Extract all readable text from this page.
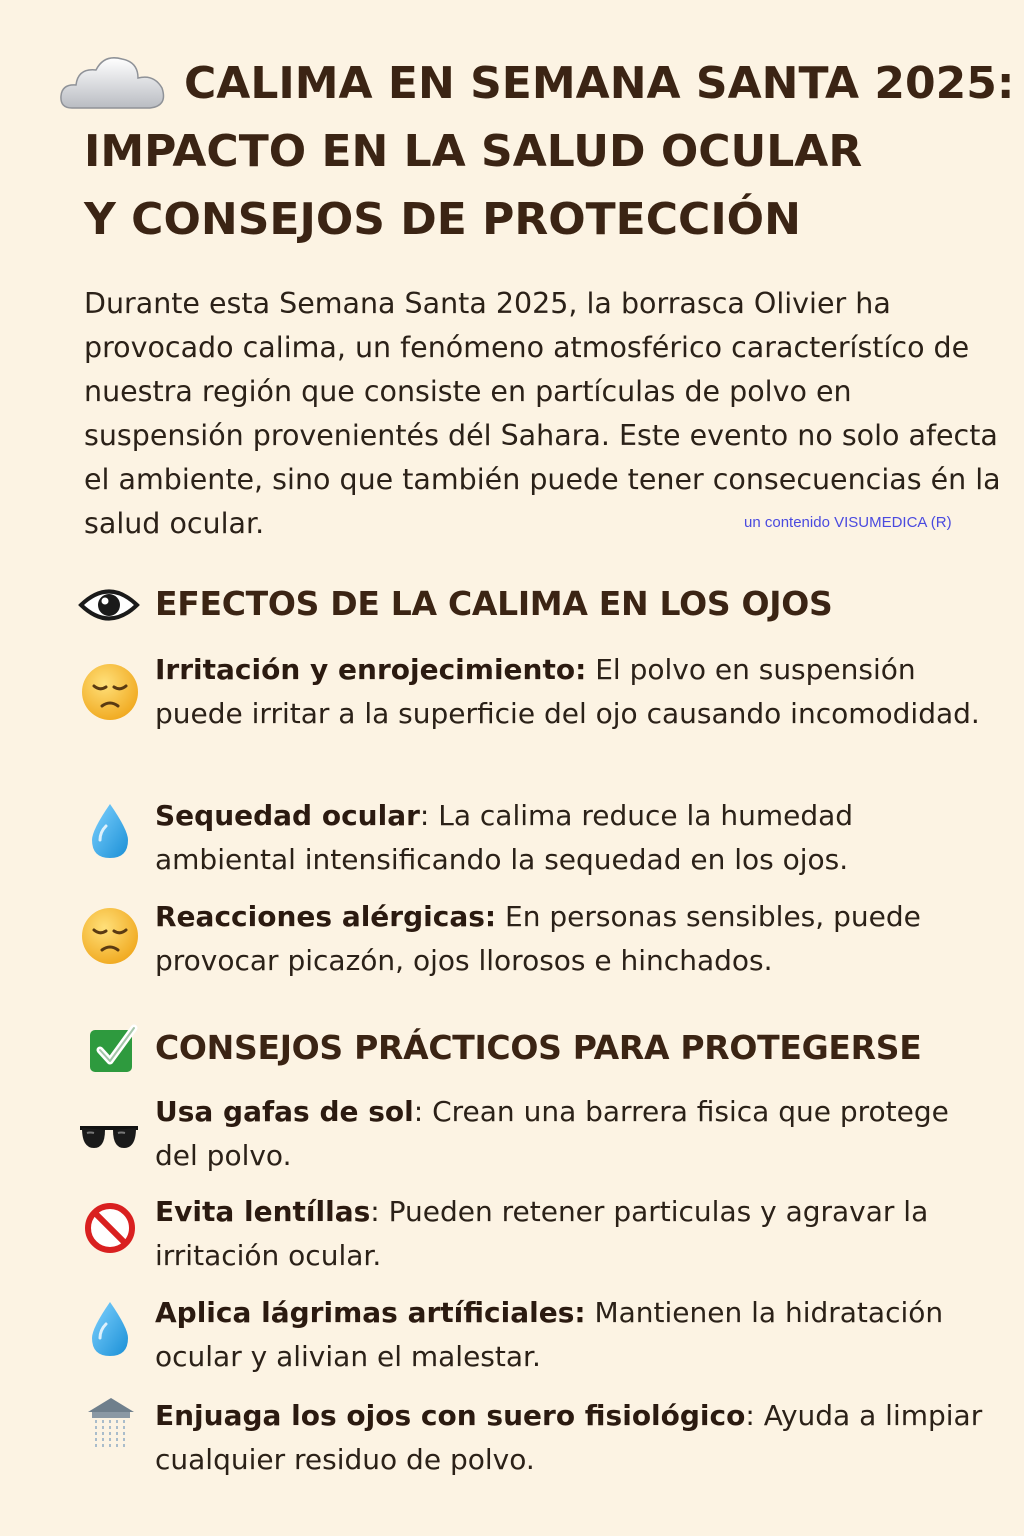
CALIMA EN SEMANA SANTA 2025:
IMPACTO EN LA SALUD OCULAR
Y CONSEJOS DE PROTECCIÓN

Durante esta Semana Santa 2025, la borrasca Olivier ha provocado calima, un fenómeno atmosférico característíco de nuestra región que consiste en partículas de polvo en suspensión provenientés dél Sahara. Este evento no solo afecta el ambiente, sino que también puede tener consecuencias én la salud ocular.	un contenido VISUMEDICA (R)
EFECTOS DE LA CALIMA EN LOS OJOS
Irritación y enrojecimiento: El polvo en suspensión puede irritar a la superficie del ojo causando incomodidad.
Sequedad ocular: La calima reduce la humedad ambiental intensificando la sequedad en los ojos.
Reacciones alérgicas: En personas sensibles, puede provocar picazón, ojos llorosos e hinchados.
CONSEJOS PRÁCTICOS PARA PROTEGERSE
Usa gafas de sol: Crean una barrera fisica que protege del polvo.
Evita lentíllas: Pueden retener particulas y agravar la irritación ocular.
Aplica lágrimas artíficiales: Mantienen la hidratación ocular y alivian el malestar.
Enjuaga los ojos con suero fisiológico: Ayuda a limpiar cualquier residuo de polvo.
